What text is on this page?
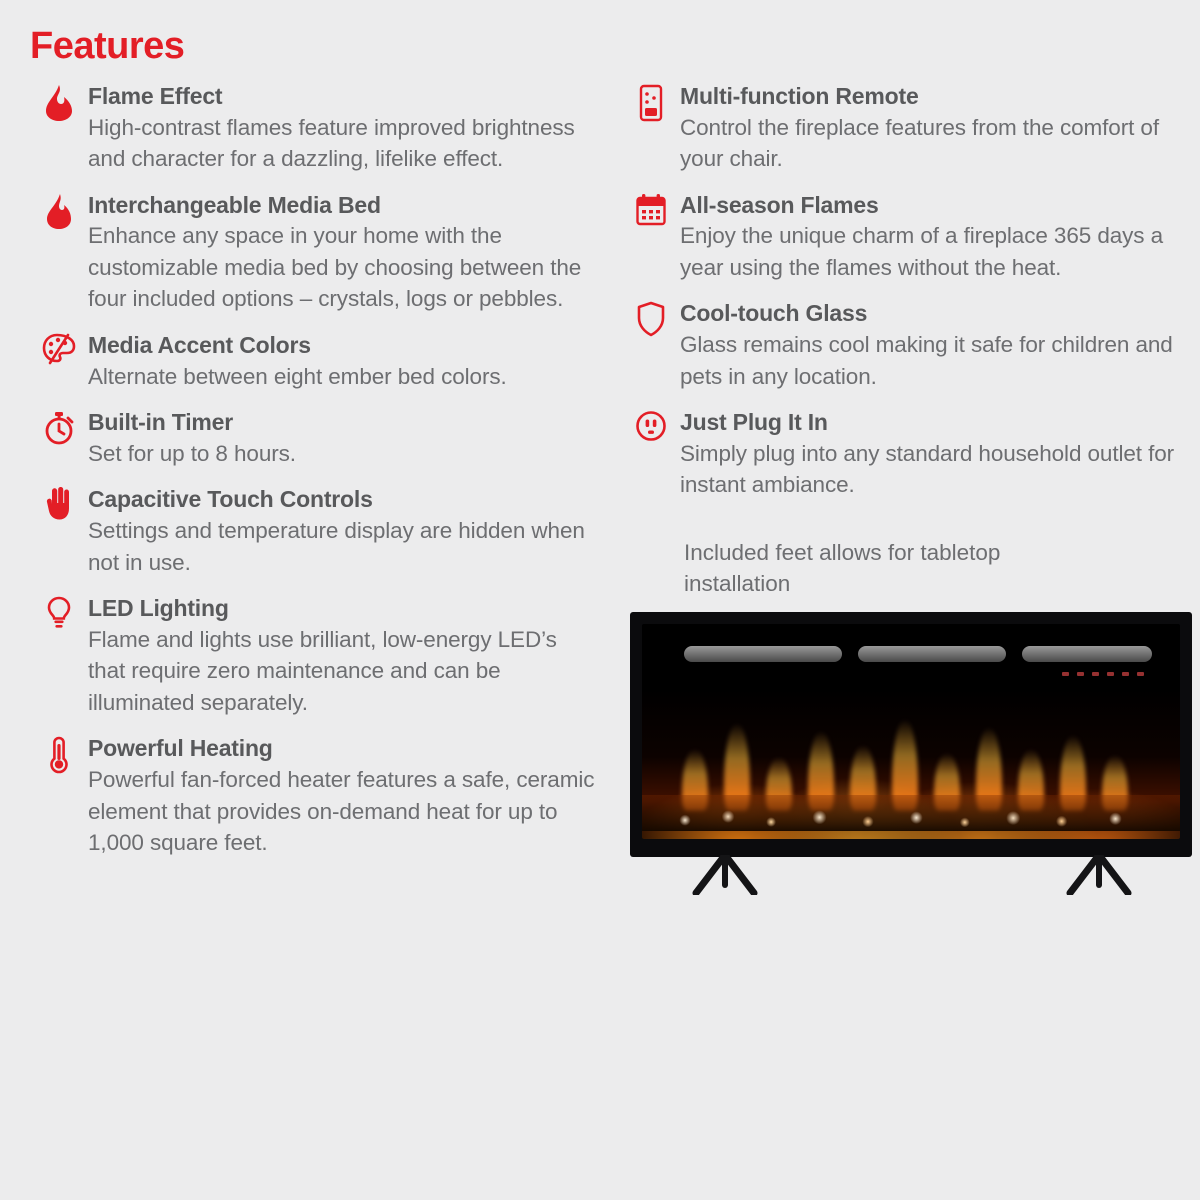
Features
Flame Effect

High-contrast flames feature improved brightness and character for a dazzling, lifelike effect.

Interchangeable Media Bed

Enhance any space in your home with the customizable media bed by choosing between the four included options – crystals, logs or pebbles.

Media Accent Colors

Alternate between eight ember bed colors.

Built-in Timer

Set for up to 8 hours.

Capacitive Touch Controls

Settings and temperature display are hidden when not in use.

LED Lighting

Flame and lights use brilliant, low-energy LED’s that require zero maintenance and can be illuminated separately.

Powerful Heating

Powerful fan-forced heater features a safe, ceramic element that provides on-demand heat for up to 1,000 square feet.

Multi-function Remote

Control the fireplace features from the comfort of your chair.

All-season Flames

Enjoy the unique charm of a fireplace 365 days a year using the flames without the heat.

Cool-touch Glass

Glass remains cool making it safe for children and pets in any location.

Just Plug It In

Simply plug into any standard household outlet for instant ambiance.

Included feet allows for tabletop installation
